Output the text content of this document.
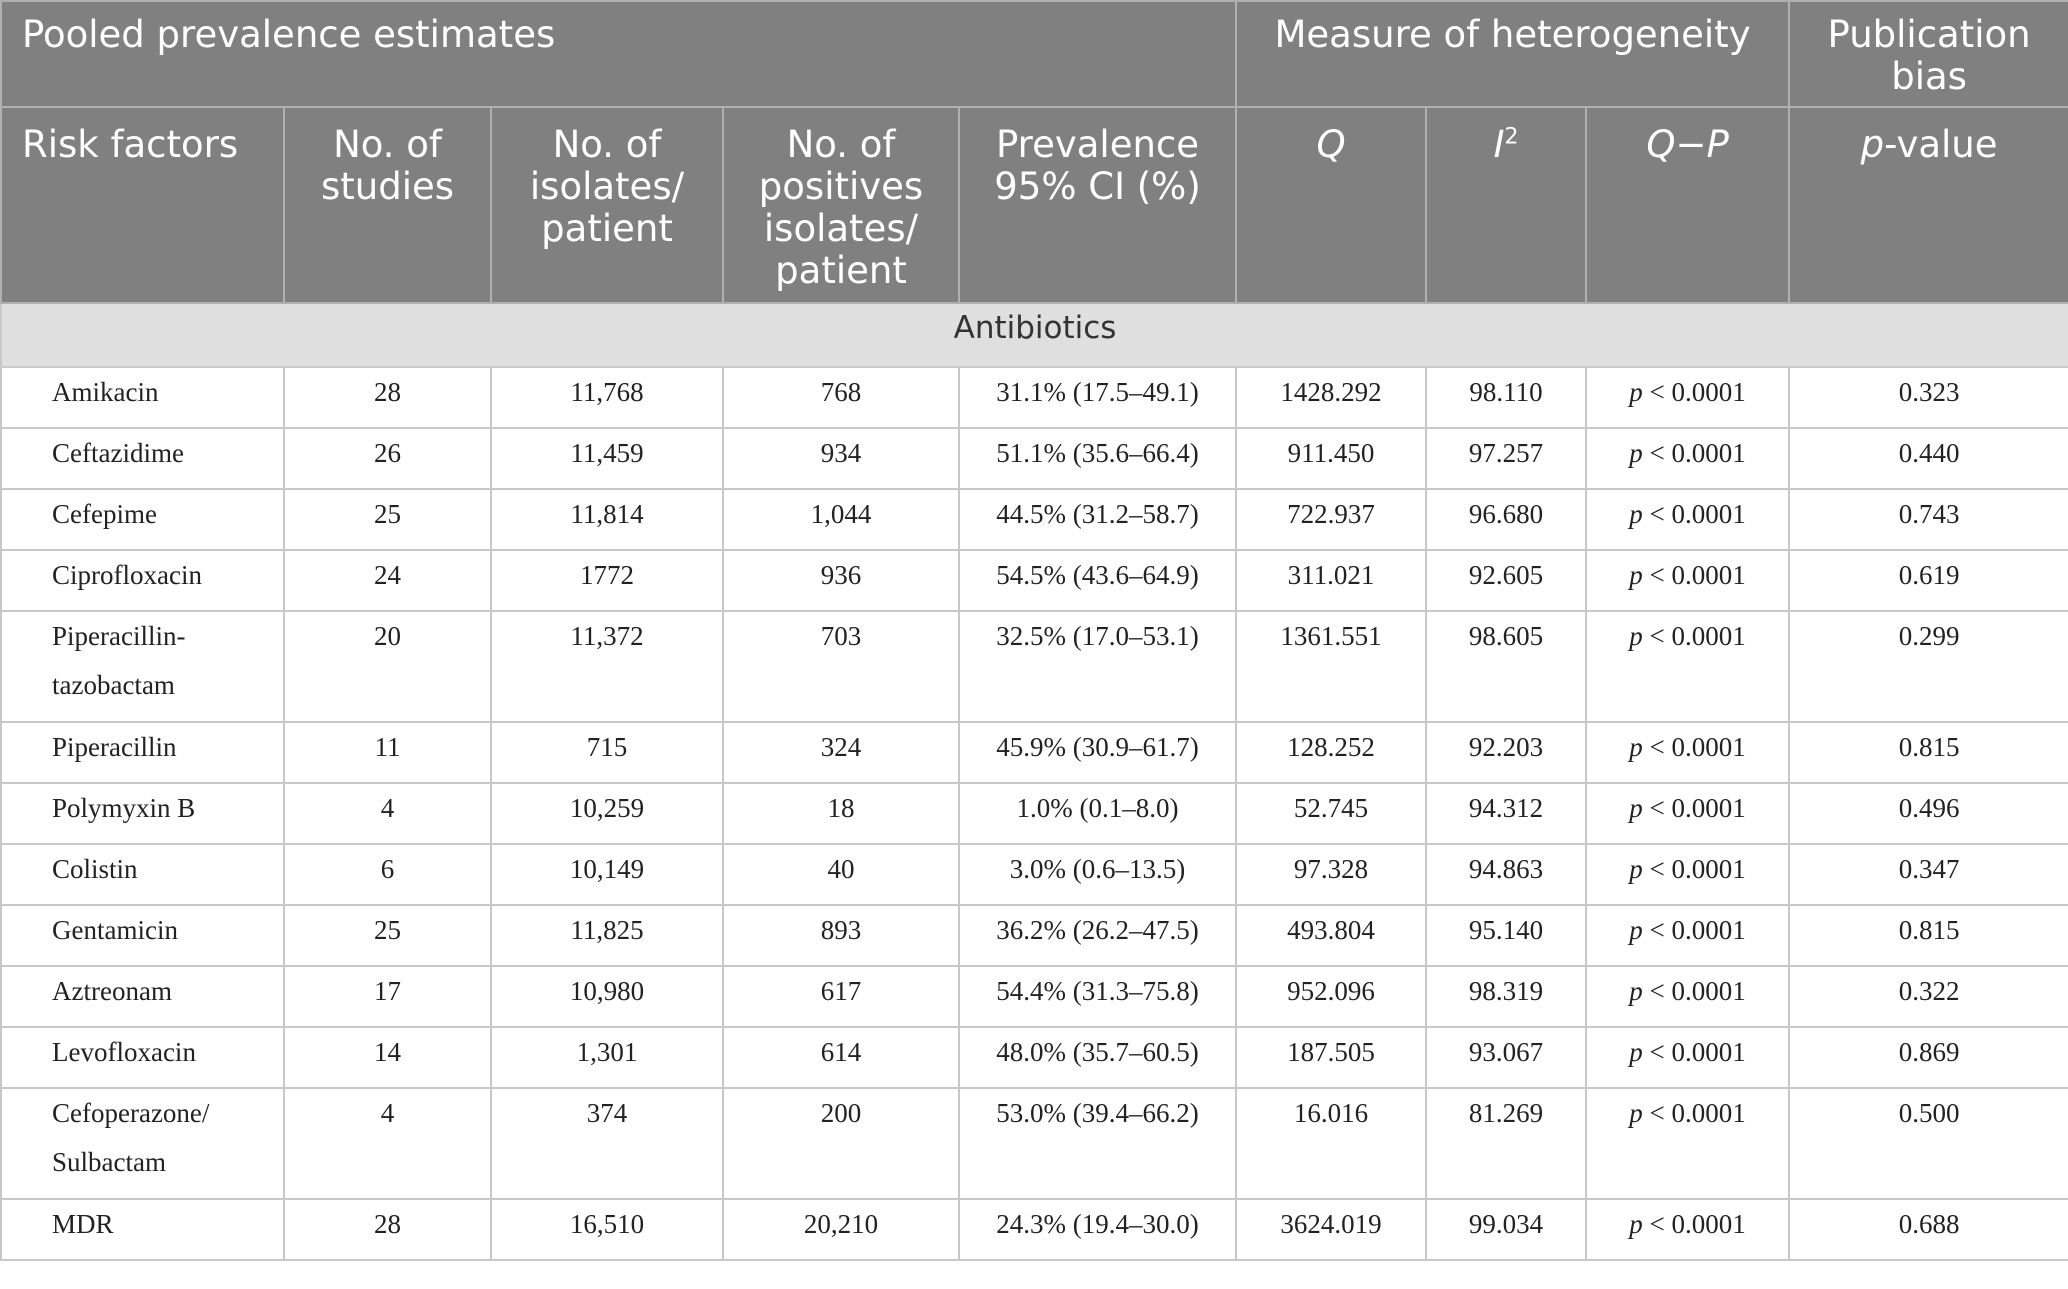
Pooled prevalence estimates					Measure of heterogeneity			Publication bias
Risk factors	No. of studies	No. of isolates/ patient	No. of positives isolates/ patient	Prevalence 95% CI (%)	Q	$I^2$	Q−P	p-value
Antibiotics								
Amikacin	28	11,768	768	31.1% (17.5–49.1)	1428.292	98.110	p < 0.0001	0.323
Ceftazidime	26	11,459	934	51.1% (35.6–66.4)	911.450	97.257	p < 0.0001	0.440
Cefepime	25	11,814	1,044	44.5% (31.2–58.7)	722.937	96.680	p < 0.0001	0.743
Ciprofloxacin	24	1772	936	54.5% (43.6–64.9)	311.021	92.605	p < 0.0001	0.619
Piperacillin-tazobactam	20	11,372	703	32.5% (17.0–53.1)	1361.551	98.605	p < 0.0001	0.299
Piperacillin	11	715	324	45.9% (30.9–61.7)	128.252	92.203	p < 0.0001	0.815
Polymyxin B	4	10,259	18	1.0% (0.1–8.0)	52.745	94.312	p < 0.0001	0.496
Colistin	6	10,149	40	3.0% (0.6–13.5)	97.328	94.863	p < 0.0001	0.347
Gentamicin	25	11,825	893	36.2% (26.2–47.5)	493.804	95.140	p < 0.0001	0.815
Aztreonam	17	10,980	617	54.4% (31.3–75.8)	952.096	98.319	p < 0.0001	0.322
Levofloxacin	14	1,301	614	48.0% (35.7–60.5)	187.505	93.067	p < 0.0001	0.869
Cefoperazone/ Sulbactam	4	374	200	53.0% (39.4–66.2)	16.016	81.269	p < 0.0001	0.500
MDR	28	16,510	20,210	24.3% (19.4–30.0)	3624.019	99.034	p < 0.0001	0.688
